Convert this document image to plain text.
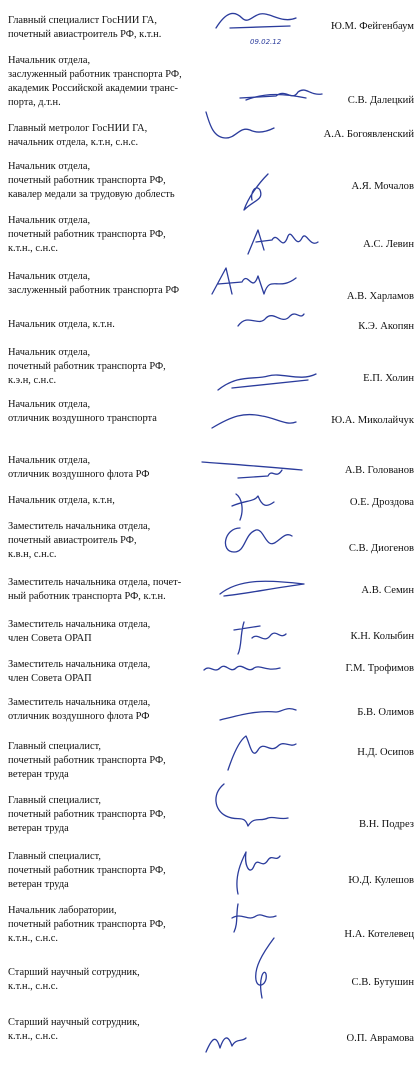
Главный специалист ГосНИИ ГА,
почетный авиастроитель РФ, к.т.н.
09.02.12
Ю.М. Фейгенбаум
Начальник отдела,
заслуженный работник транспорта РФ,
академик Российской академии транс-
порта, д.т.н.	С.В. Далецкий
Главный метролог ГосНИИ ГА,
начальник отдела, к.т.н, с.н.с.
А.А. Богоявленский
Начальник отдела,
почетный работник транспорта РФ,
кавалер медали за трудовую доблесть
А.Я. Мочалов
Начальник отдела,
почетный работник транспорта РФ,
к.т.н., с.н.с.	А.С. Левин
Начальник отдела,
заслуженный работник транспорта РФ
А.В. Харламов
Начальник отдела, к.т.н.	К.Э. Акопян
Начальник отдела,
почетный работник транспорта РФ,
к.э.н, с.н.с.	Е.П. Холин
Начальник отдела,
отличник воздушного транспорта	Ю.А. Миколайчук
Начальник отдела,
отличник воздушного флота РФ	А.В. Голованов
Начальник отдела, к.т.н,	О.Е. Дроздова
Заместитель начальника отдела,
почетный авиастроитель РФ,
к.в.н, с.н.с.
С.В. Диогенов
Заместитель начальника отдела, почет-
ный работник транспорта РФ, к.т.н.
А.В. Семин
Заместитель начальника отдела,
член Совета ОРАП	К.Н. Колыбин
Заместитель начальника отдела,
член Совета ОРАП
Г.М. Трофимов
Заместитель начальника отдела,
отличник воздушного флота РФ	Б.В. Олимов
Главный специалист,
почетный работник транспорта РФ,
ветеран труда
Н.Д. Осипов
Главный специалист,
почетный работник транспорта РФ,
ветеран труда	В.Н. Подрез
Главный специалист,
почетный работник транспорта РФ,
ветеран труда	Ю.Д. Кулешов
Начальник лаборатории,
почетный работник транспорта РФ,
к.т.н., с.н.с.	Н.А. Котелевец
Старший научный сотрудник,
к.т.н., с.н.с.	С.В. Бутушин
Старший научный сотрудник,
к.т.н., с.н.с.	О.П. Аврамова
